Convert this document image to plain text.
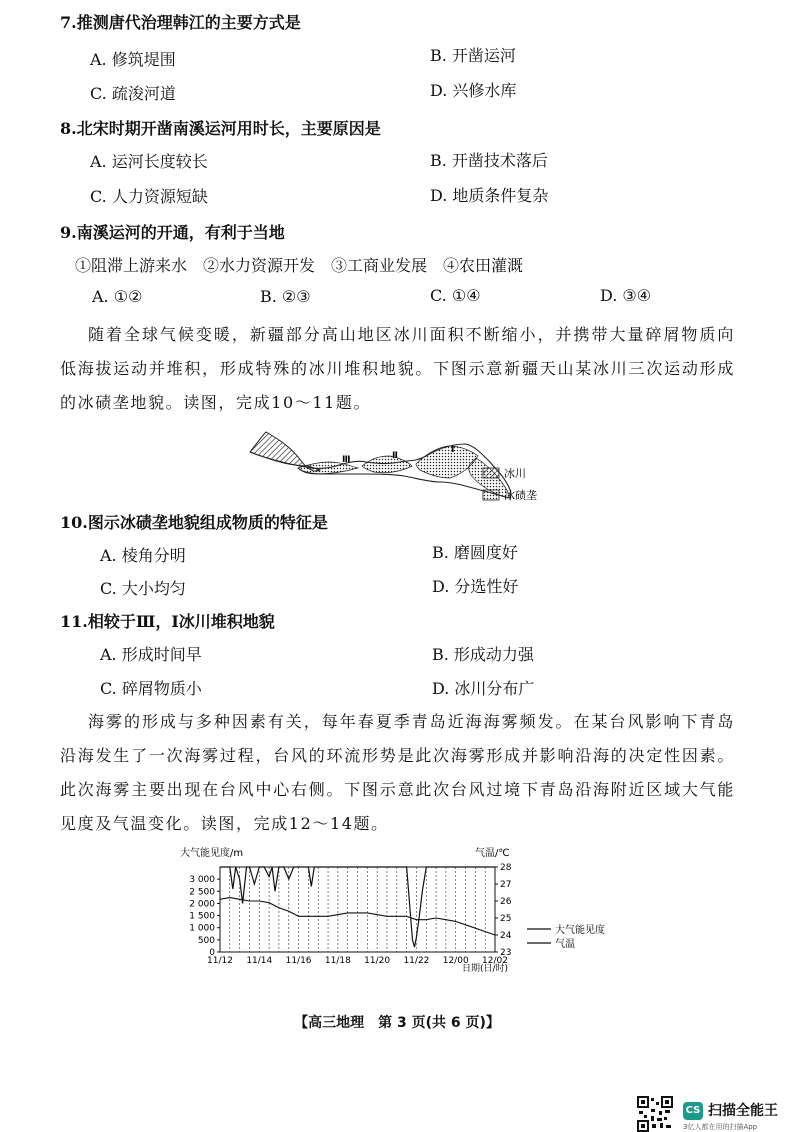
7.推测唐代治理韩江的主要方式是
A. 修筑堤围	B. 开凿运河
C. 疏浚河道	D. 兴修水库
8.北宋时期开凿南溪运河用时长，主要原因是
A. 运河长度较长	B. 开凿技术落后
C. 人力资源短缺	D. 地质条件复杂
9.南溪运河的开通，有利于当地
①阻滞上游来水　②水力资源开发　③工商业发展　④农田灌溉
A. ①②	B. ②③	C. ①④	D. ③④
随着全球气候变暖，新疆部分高山地区冰川面积不断缩小，并携带大量碎屑物质向低海拔运动并堆积，形成特殊的冰川堆积地貌。下图示意新疆天山某冰川三次运动形成的冰碛垄地貌。读图，完成10～11题。
Ⅲ	Ⅱ
Ⅰ
冰川
冰碛垄
10.图示冰碛垄地貌组成物质的特征是
A. 棱角分明	B. 磨圆度好
C. 大小均匀	D. 分选性好
11.相较于Ⅲ，Ⅰ冰川堆积地貌
A. 形成时间早	B. 形成动力强
C. 碎屑物质小	D. 冰川分布广
海雾的形成与多种因素有关，每年春夏季青岛近海海雾频发。在某台风影响下青岛沿海发生了一次海雾过程，台风的环流形势是此次海雾形成并影响沿海的决定性因素。此次海雾主要出现在台风中心右侧。下图示意此次台风过境下青岛沿海附近区域大气能见度及气温变化。读图，完成12～14题。
大气能见度/m	气温/℃
日期(日/时)
11/12 11/14 11/16 11/18 11/20 11/22 12/00 12/02
0
500
1 000
1 500
2 000
2 500
3 000
23
24
25
26
27
28
大气能见度
气温
【高三地理　第 3 页(共 6 页)】
CS 扫描全能王
3亿人都在用的扫描App
